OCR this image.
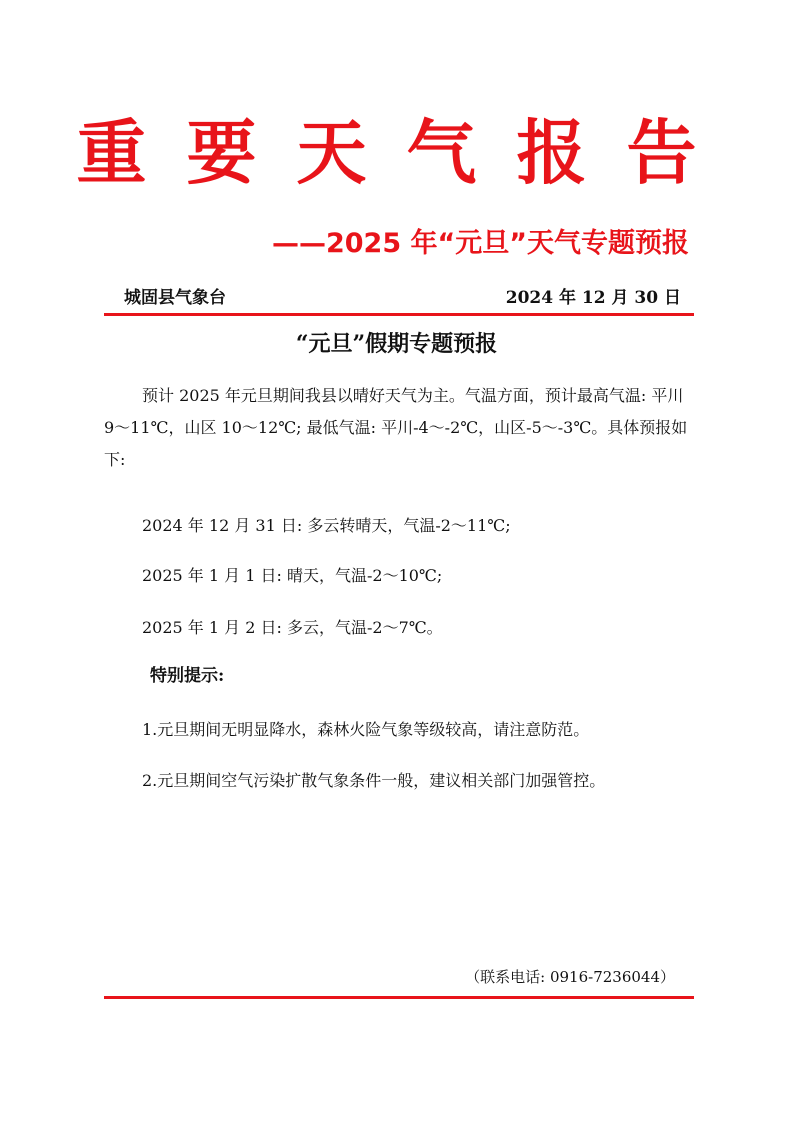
重要天气报告
——2025 年“元旦”天气专题预报
城固县气象台	2024 年 12 月 30 日
“元旦”假期专题预报
预计 2025 年元旦期间我县以晴好天气为主。气温方面，预计最高气温: 平川 9～11℃，山区 10～12℃; 最低气温: 平川-4～-2℃，山区-5～-3℃。具体预报如下:
2024 年 12 月 31 日: 多云转晴天，气温-2～11℃;
2025 年 1 月 1 日: 晴天，气温-2～10℃;
2025 年 1 月 2 日: 多云，气温-2～7℃。
特别提示:
1.元旦期间无明显降水，森林火险气象等级较高，请注意防范。
2.元旦期间空气污染扩散气象条件一般，建议相关部门加强管控。
（联系电话: 0916-7236044）
